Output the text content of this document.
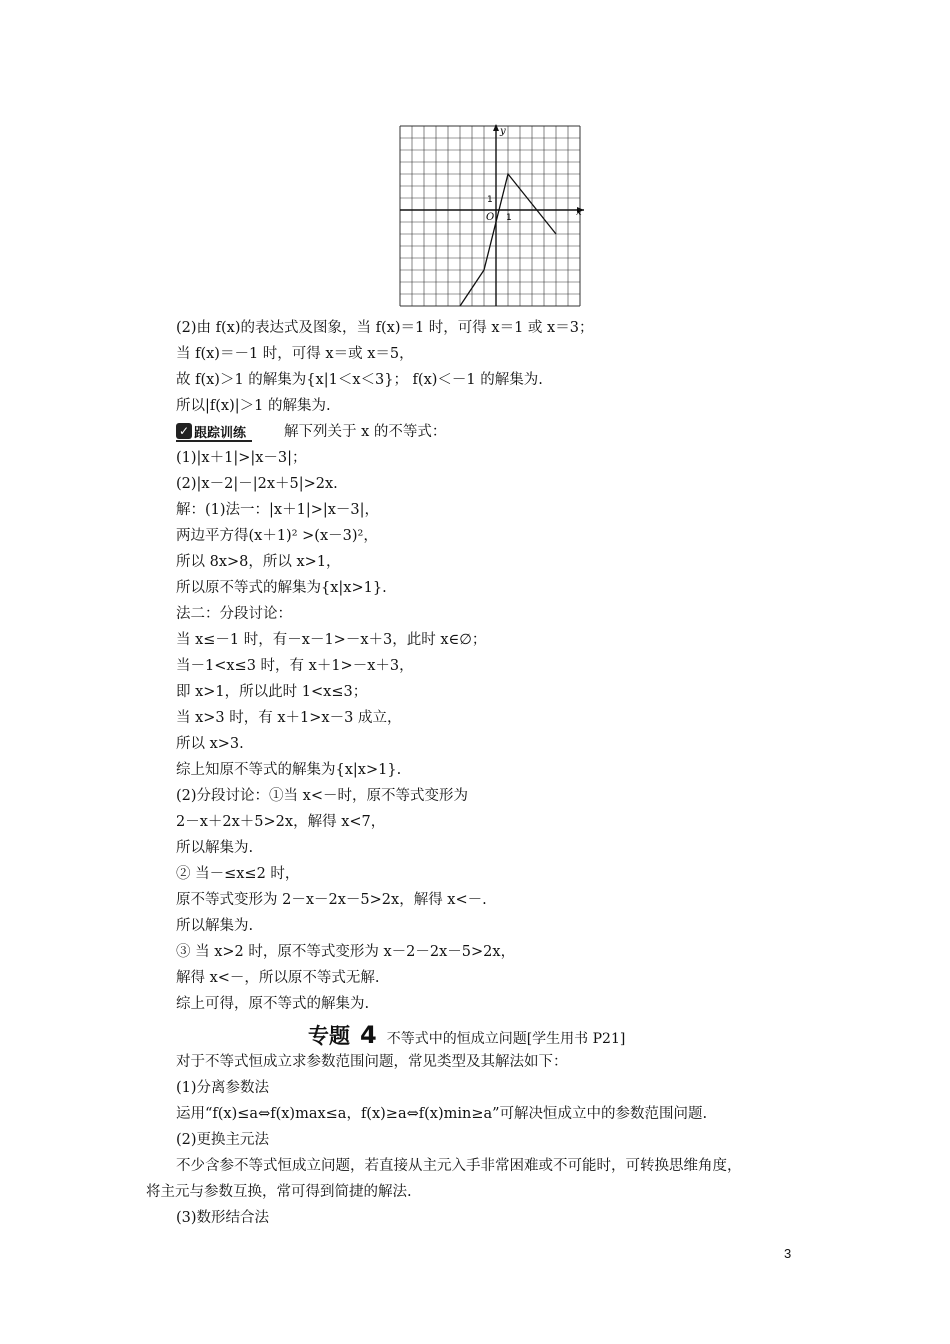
y
x
O 1
1
(2)由 f(x)的表达式及图象，当 f(x)＝1 时，可得 x＝1 或 x＝3；
当 f(x)＝－1 时，可得 x＝或 x＝5，
故 f(x)＞1 的解集为{x|1＜x＜3}； f(x)＜－1 的解集为.
所以|f(x)|＞1 的解集为.
✓ 跟踪训练	解下列关于 x 的不等式：
(1)|x＋1|>|x－3|；
(2)|x－2|－|2x＋5|>2x.
解：(1)法一：|x＋1|>|x－3|，
两边平方得(x＋1)² >(x－3)²，
所以 8x>8，所以 x>1，
所以原不等式的解集为{x|x>1}.
法二：分段讨论：
当 x≤－1 时，有－x－1>－x＋3，此时 x∈∅；
当－1<x≤3 时，有 x＋1>－x＋3，
即 x>1，所以此时 1<x≤3；
当 x>3 时，有 x＋1>x－3 成立，
所以 x>3.
综上知原不等式的解集为{x|x>1}.
(2)分段讨论：①当 x<－时，原不等式变形为
2－x＋2x＋5>2x，解得 x<7，
所以解集为.
② 当－≤x≤2 时，
原不等式变形为 2－x－2x－5>2x，解得 x<－.
所以解集为.
③ 当 x>2 时，原不等式变形为 x－2－2x－5>2x，
解得 x<－，所以原不等式无解.
综上可得，原不等式的解集为.
专题 4 不等式中的恒成立问题[学生用书 P21]
对于不等式恒成立求参数范围问题，常见类型及其解法如下：
(1)分离参数法
运用“f(x)≤a⇔f(x)max≤a，f(x)≥a⇔f(x)min≥a”可解决恒成立中的参数范围问题.
(2)更换主元法
不少含参不等式恒成立问题，若直接从主元入手非常困难或不可能时，可转换思维角度，
将主元与参数互换，常可得到简捷的解法.
(3)数形结合法
3
